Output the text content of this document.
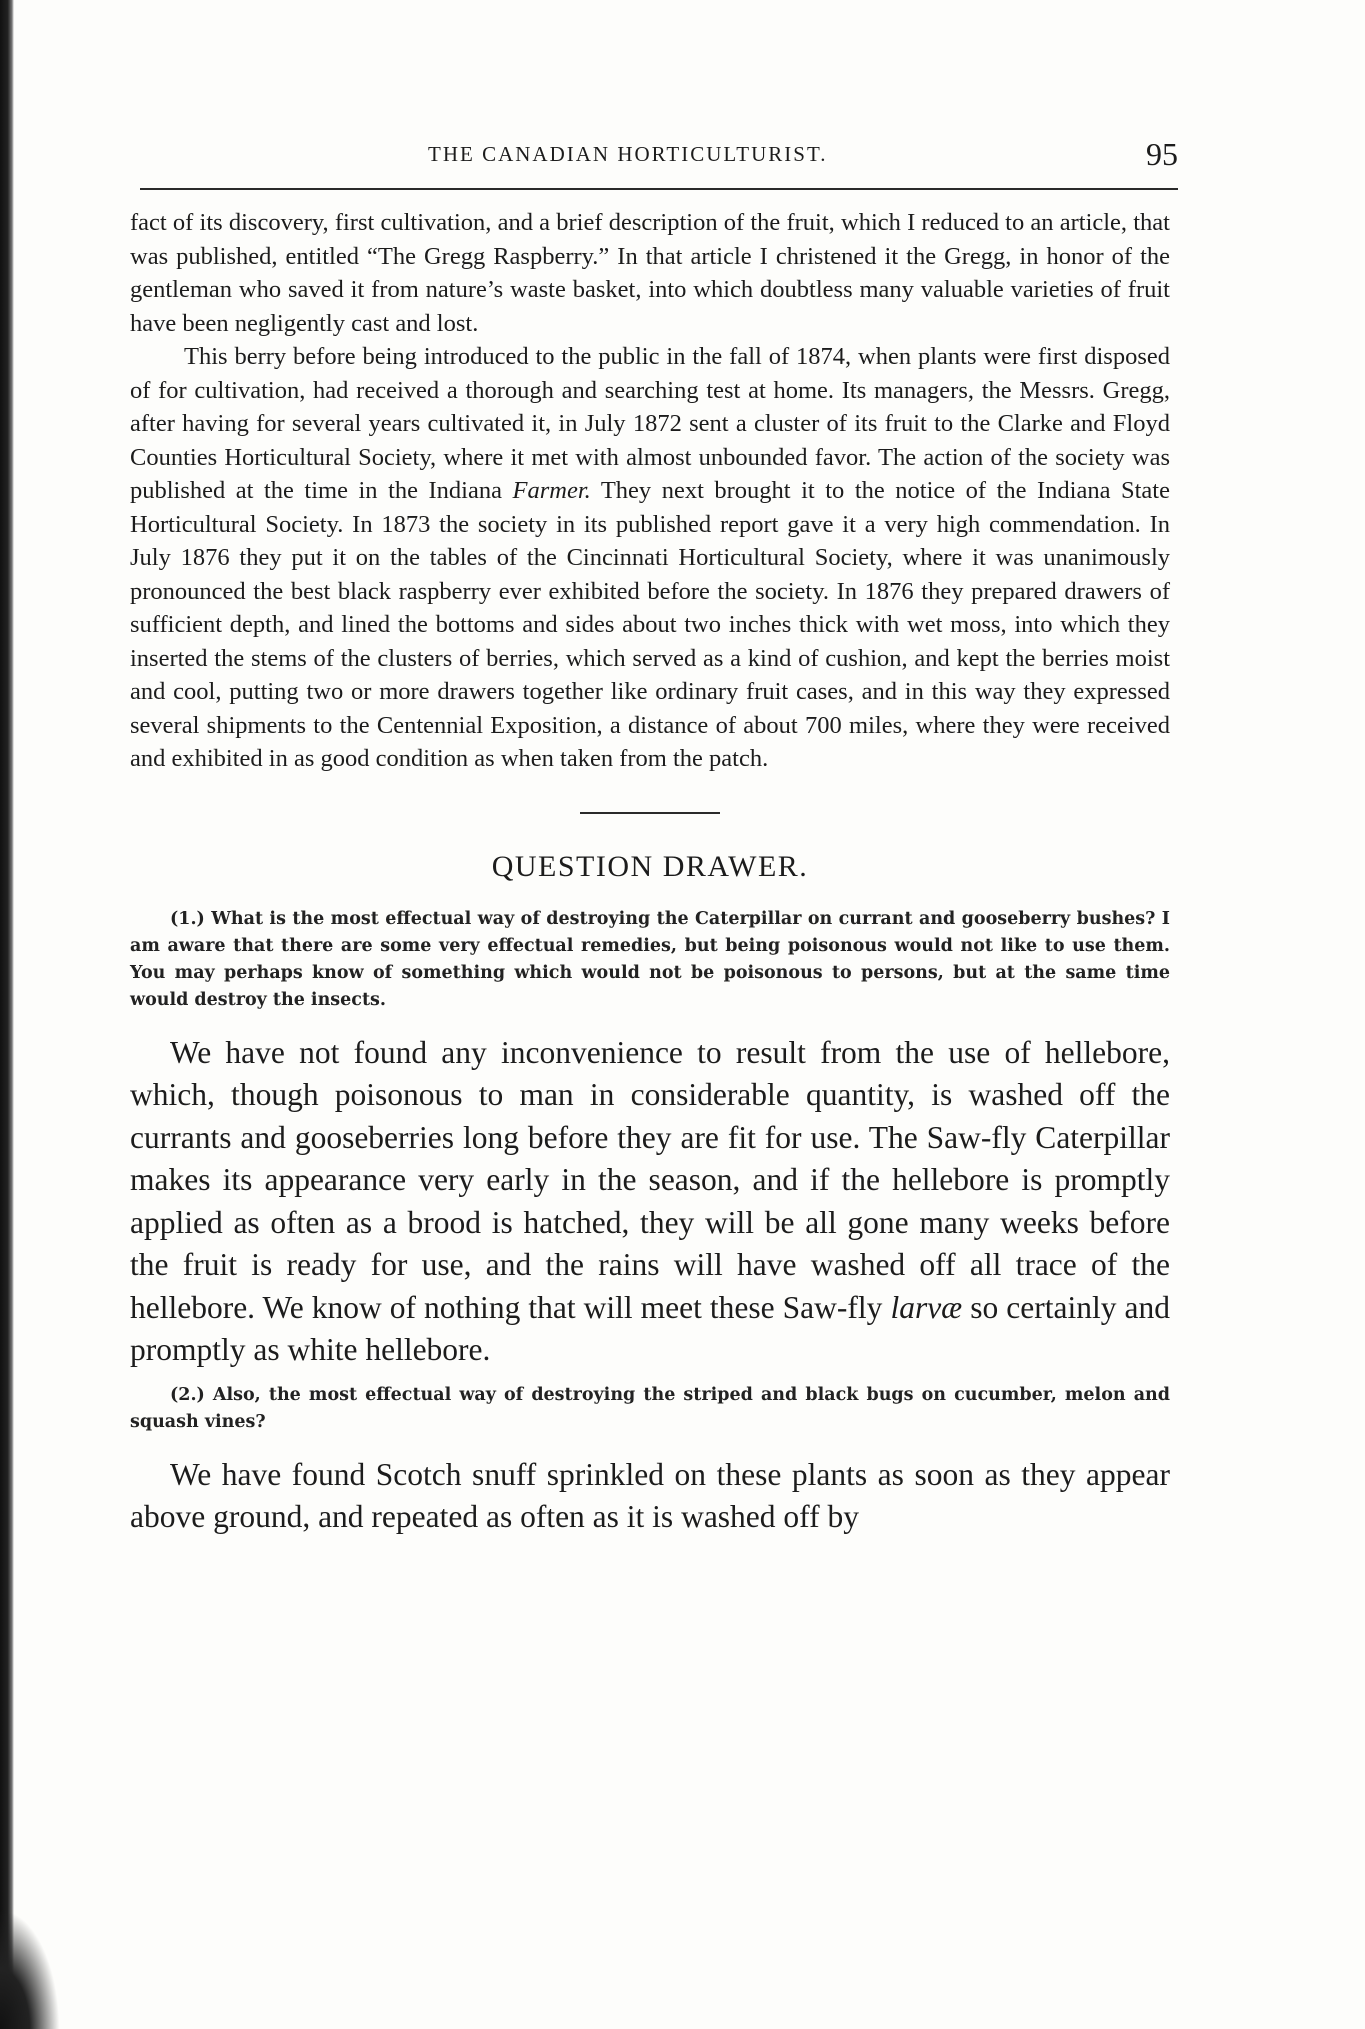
THE CANADIAN HORTICULTURIST.	95

fact of its discovery, first cultivation, and a brief description of the fruit, which I reduced to an article, that was published, entitled “The Gregg Raspberry.” In that article I christened it the Gregg, in honor of the gentleman who saved it from nature’s waste basket, into which doubtless many valuable varieties of fruit have been negligently cast and lost.

This berry before being introduced to the public in the fall of 1874, when plants were first disposed of for cultivation, had received a thorough and searching test at home. Its managers, the Messrs. Gregg, after having for several years cultivated it, in July 1872 sent a cluster of its fruit to the Clarke and Floyd Counties Horticultural Society, where it met with almost unbounded favor. The action of the society was published at the time in the Indiana Farmer. They next brought it to the notice of the Indiana State Horticultural Society. In 1873 the society in its published report gave it a very high commendation. In July 1876 they put it on the tables of the Cincinnati Horticultural Society, where it was unanimously pronounced the best black raspberry ever exhibited before the society. In 1876 they prepared drawers of sufficient depth, and lined the bottoms and sides about two inches thick with wet moss, into which they inserted the stems of the clusters of berries, which served as a kind of cushion, and kept the berries moist and cool, putting two or more drawers together like ordinary fruit cases, and in this way they expressed several shipments to the Centennial Exposition, a distance of about 700 miles, where they were received and exhibited in as good condition as when taken from the patch.

QUESTION DRAWER.

(1.) What is the most effectual way of destroying the Caterpillar on currant and gooseberry bushes? I am aware that there are some very effectual remedies, but being poisonous would not like to use them. You may perhaps know of something which would not be poisonous to persons, but at the same time would destroy the insects.

We have not found any inconvenience to result from the use of hellebore, which, though poisonous to man in considerable quantity, is washed off the currants and gooseberries long before they are fit for use. The Saw-fly Caterpillar makes its appearance very early in the season, and if the hellebore is promptly applied as often as a brood is hatched, they will be all gone many weeks before the fruit is ready for use, and the rains will have washed off all trace of the hellebore. We know of nothing that will meet these Saw-fly larvæ so certainly and promptly as white hellebore.

(2.) Also, the most effectual way of destroying the striped and black bugs on cucumber, melon and squash vines?

We have found Scotch snuff sprinkled on these plants as soon as they appear above ground, and repeated as often as it is washed off by
